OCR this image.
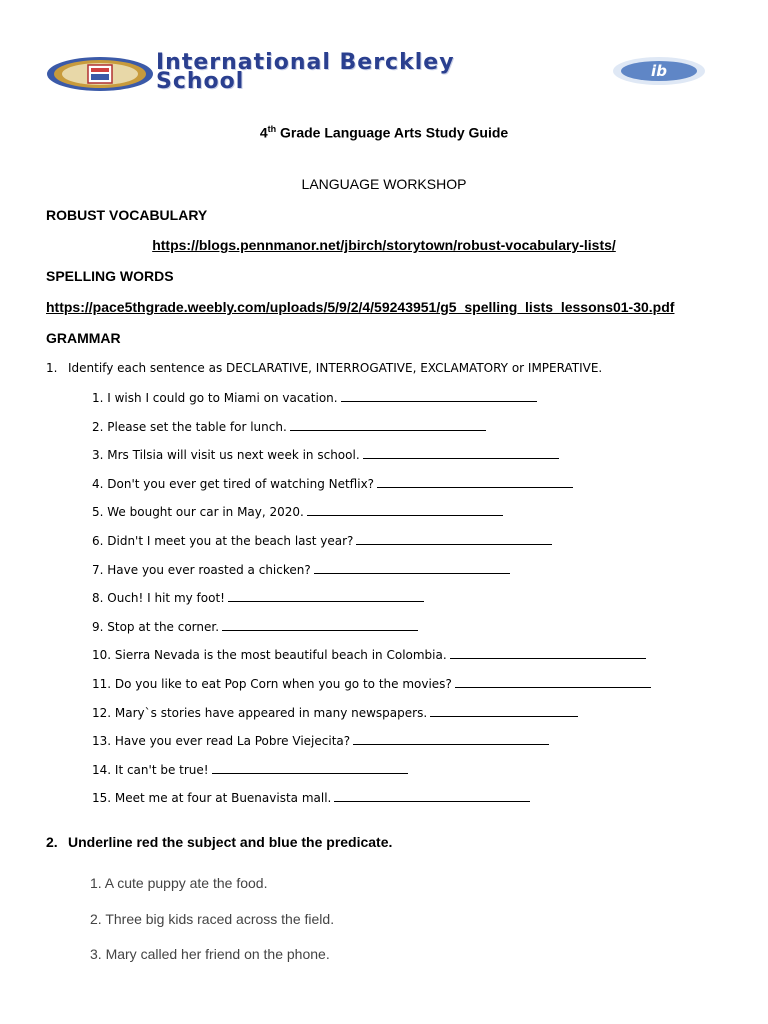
International Berckley
School	ib
4th Grade Language Arts Study Guide
LANGUAGE WORKSHOP
ROBUST VOCABULARY
https://blogs.pennmanor.net/jbirch/storytown/robust-vocabulary-lists/
SPELLING WORDS
https://pace5thgrade.weebly.com/uploads/5/9/2/4/59243951/g5_spelling_lists_lessons01-30.pdf
GRAMMAR
1. Identify each sentence as DECLARATIVE, INTERROGATIVE, EXCLAMATORY or IMPERATIVE.
1. I wish I could go to Miami on vacation.
2. Please set the table for lunch.
3. Mrs Tilsia will visit us next week in school.
4. Don't you ever get tired of watching Netflix?
5. We bought our car in May, 2020.
6. Didn't I meet you at the beach last year?
7. Have you ever roasted a chicken?
8. Ouch! I hit my foot!
9. Stop at the corner.
10. Sierra Nevada is the most beautiful beach in Colombia.
11. Do you like to eat Pop Corn when you go to the movies?
12. Mary`s stories have appeared in many newspapers.
13. Have you ever read La Pobre Viejecita?
14. It can't be true!
15. Meet me at four at Buenavista mall.
2. Underline red the subject and blue the predicate.
1. A cute puppy ate the food.
2. Three big kids raced across the field.
3. Mary called her friend on the phone.
